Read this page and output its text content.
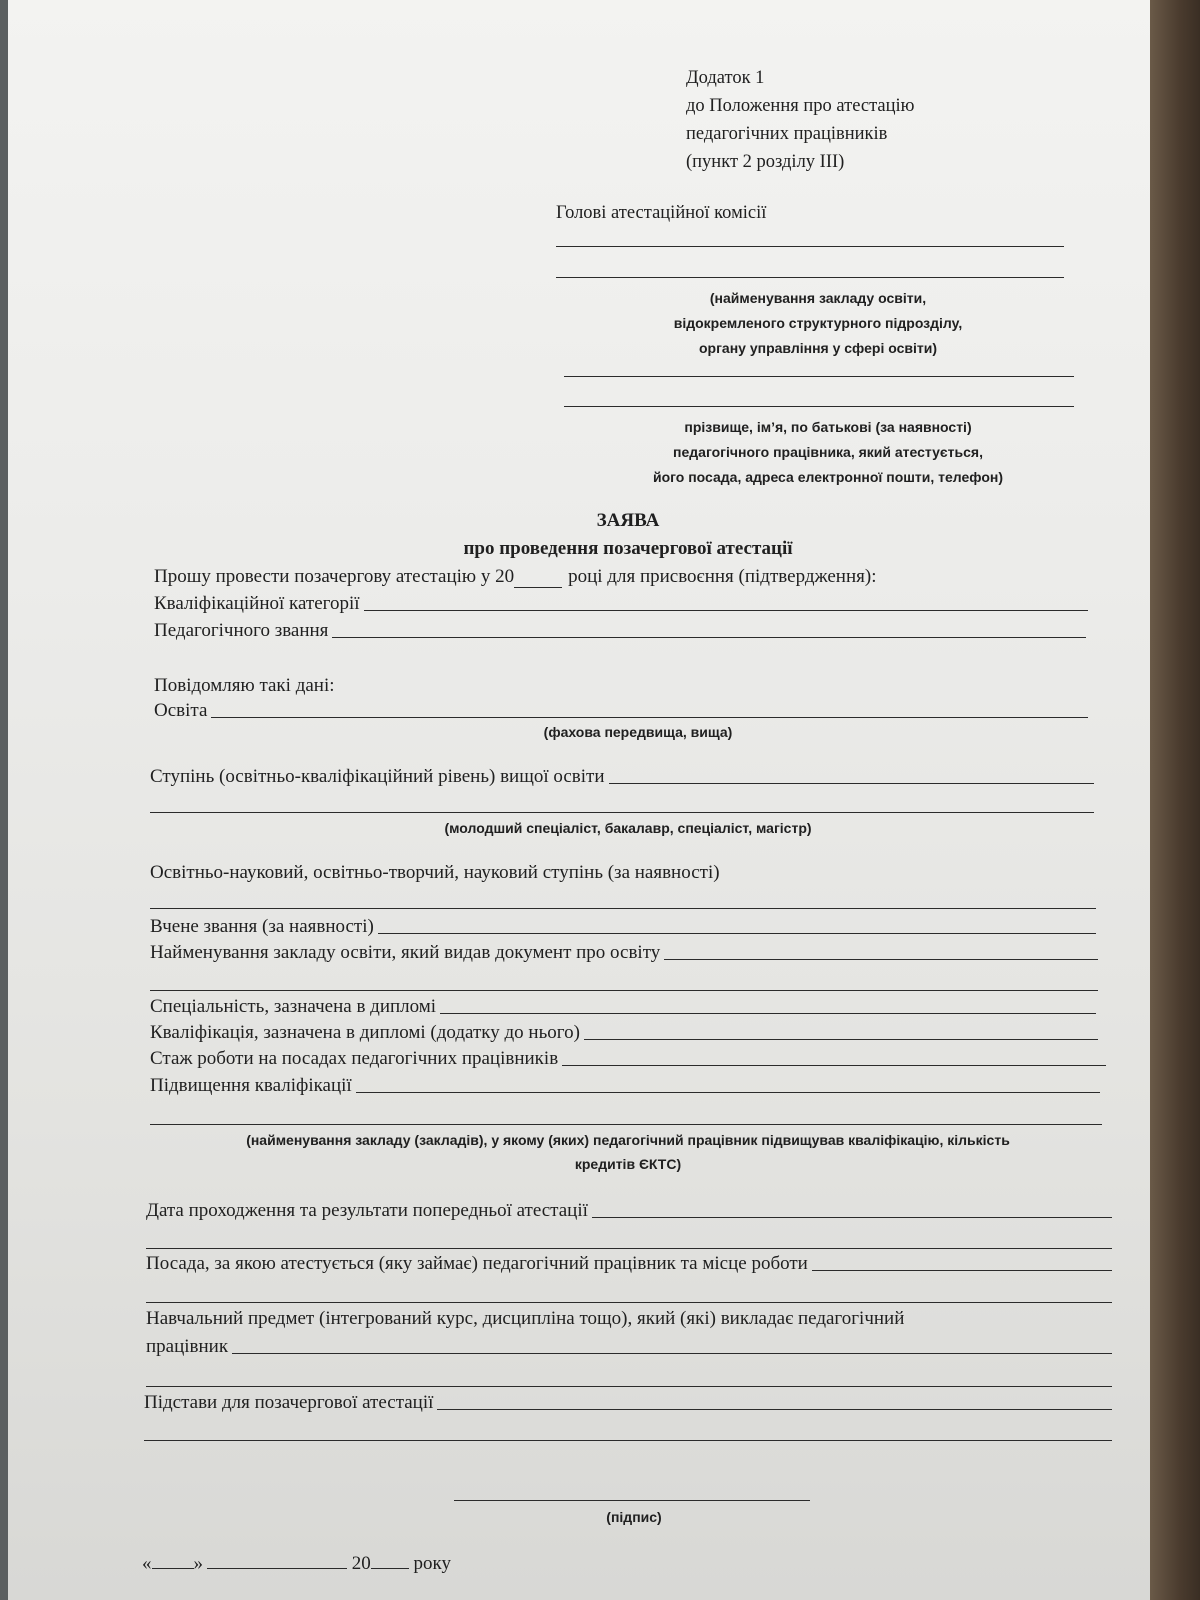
Додаток 1
до Положення про атестацію
педагогічних працівників
(пункт 2 розділу ІІІ)
Голові атестаційної комісії
(найменування закладу освіти,
відокремленого структурного підрозділу,
органу управління у сфері освіти)
прізвище, ім’я, по батькові (за наявності)
педагогічного працівника, який атестується,
його посада, адреса електронної пошти, телефон)
ЗАЯВА
про проведення позачергової атестації
Прошу провести позачергову атестацію у 20	році для присвоєння (підтвердження):
Кваліфікаційної категорії
Педагогічного звання
Повідомляю такі дані:
Освіта
(фахова передвища, вища)
Ступінь (освітньо-кваліфікаційний рівень) вищої освіти
(молодший спеціаліст, бакалавр, спеціаліст, магістр)
Освітньо-науковий, освітньо-творчий, науковий ступінь (за наявності)
Вчене звання (за наявності)
Найменування закладу освіти, який видав документ про освіту
Спеціальність, зазначена в дипломі
Кваліфікація, зазначена в дипломі (додатку до нього)
Стаж роботи на посадах педагогічних працівників
Підвищення кваліфікації
(найменування закладу (закладів), у якому (яких) педагогічний працівник підвищував кваліфікацію, кількість
кредитів ЄКТС)
Дата проходження та результати попередньої атестації
Посада, за якою атестується (яку займає) педагогічний працівник та місце роботи
Навчальний предмет (інтегрований курс, дисципліна тощо), який (які) викладає педагогічний
працівник
Підстави для позачергової атестації
(підпис)
« »	20 року
